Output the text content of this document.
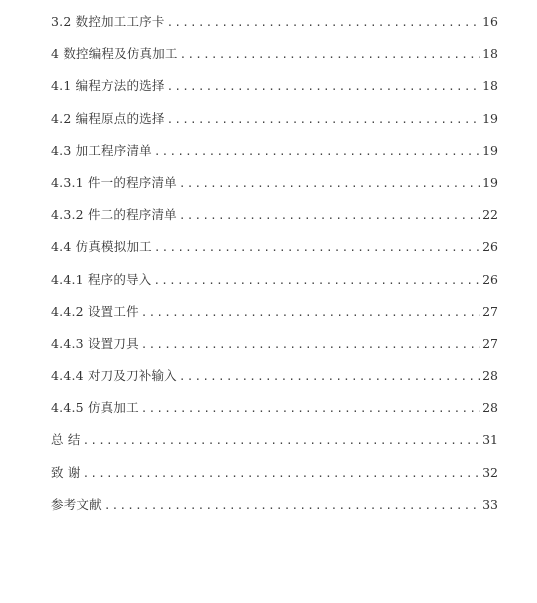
3.2 数控加工工序卡 .....	16
4 数控编程及仿真加工 .....	18
4.1 编程方法的选择 .....	18
4.2 编程原点的选择 .....	19
4.3 加工程序清单 .....	19
4.3.1 件一的程序清单 .....	19
4.3.2 件二的程序清单 .....	22
4.4 仿真模拟加工 .....	26
4.4.1 程序的导入 .....	26
4.4.2 设置工件 .....	27
4.4.3 设置刀具 .....	27
4.4.4 对刀及刀补输入 .....	28
4.4.5 仿真加工 .....	28
总 结 .....	31
致 谢 .....	32
参考文献 .....	33
